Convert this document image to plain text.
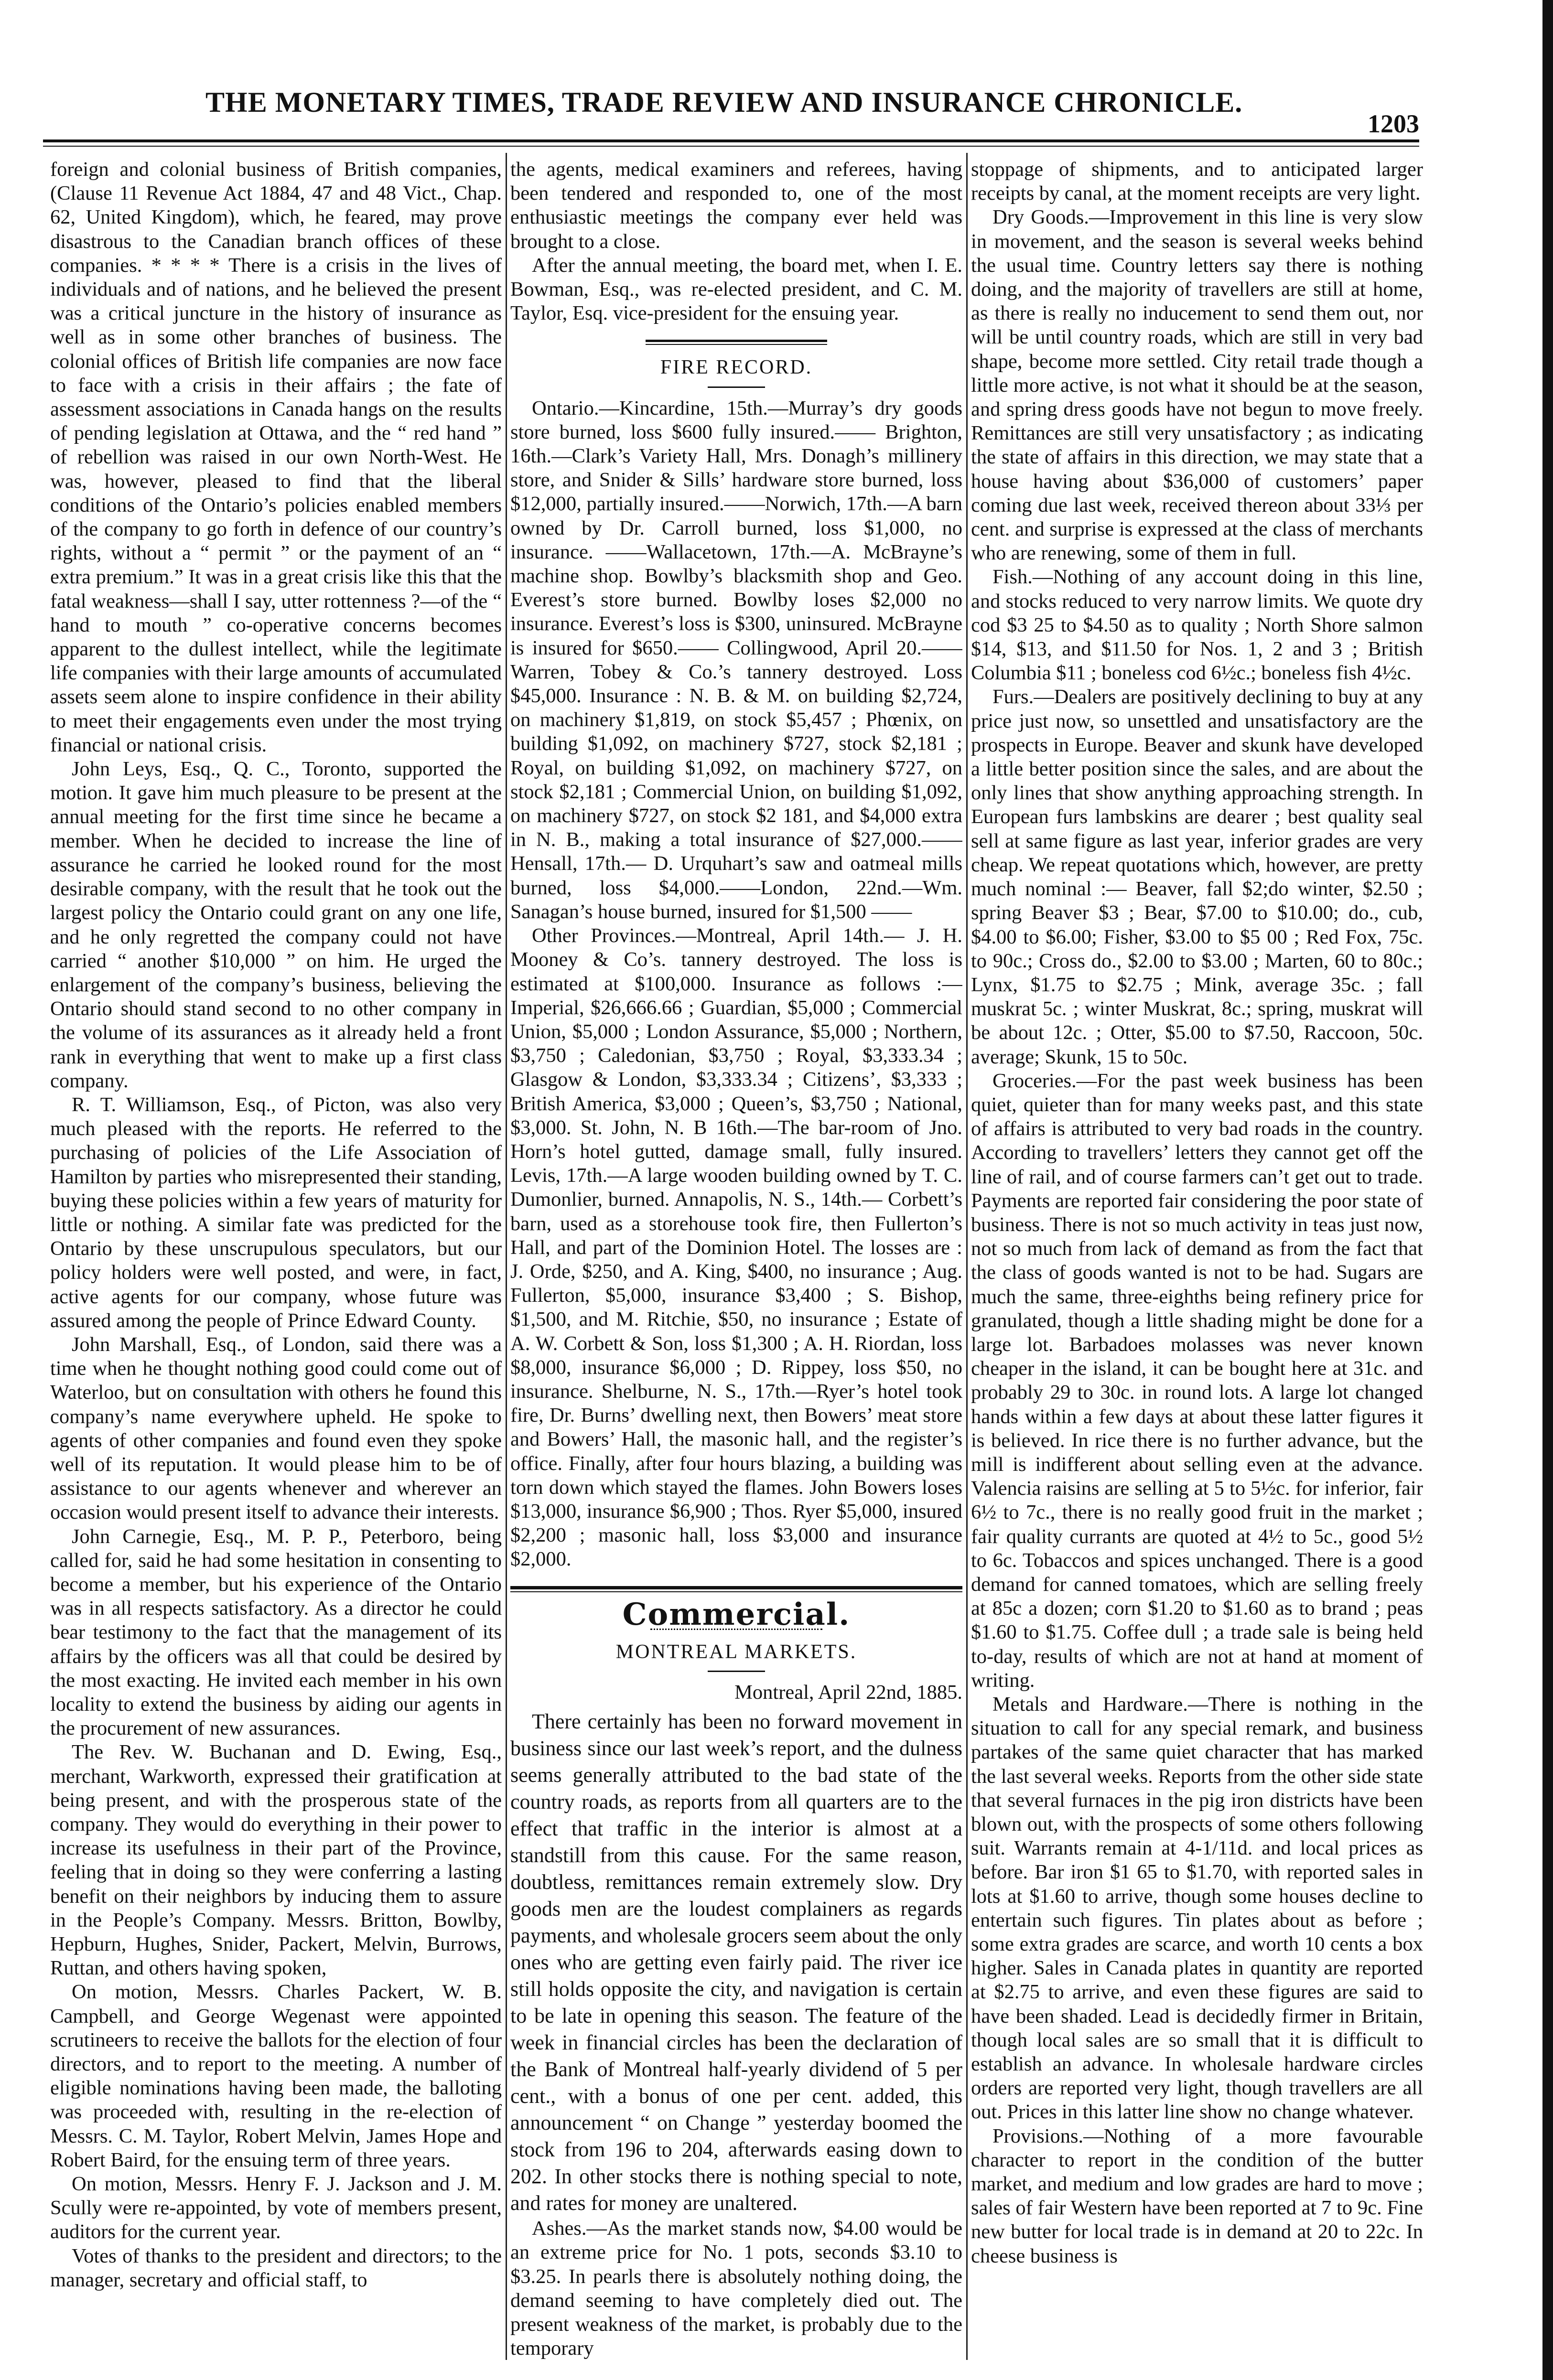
THE MONETARY TIMES, TRADE REVIEW AND INSURANCE CHRONICLE.
1203

foreign and colonial business of British companies, (Clause 11 Revenue Act 1884, 47 and 48 Vict., Chap. 62, United Kingdom), which, he feared, may prove disastrous to the Canadian branch offices of these companies. * * * * There is a crisis in the lives of individuals and of nations, and he believed the present was a critical juncture in the history of insurance as well as in some other branches of business. The colonial offices of British life companies are now face to face with a crisis in their affairs ; the fate of assessment associations in Canada hangs on the results of pending legislation at Ottawa, and the “ red hand ” of rebellion was raised in our own North-West. He was, however, pleased to find that the liberal conditions of the Ontario’s policies enabled members of the company to go forth in defence of our country’s rights, without a “ permit ” or the payment of an “ extra premium.” It was in a great crisis like this that the fatal weakness—shall I say, utter rottenness ?—of the “ hand to mouth ” co-operative concerns becomes apparent to the dullest intellect, while the legitimate life companies with their large amounts of accumulated assets seem alone to inspire confidence in their ability to meet their engagements even under the most trying financial or national crisis.

John Leys, Esq., Q. C., Toronto, supported the motion. It gave him much pleasure to be present at the annual meeting for the first time since he became a member. When he decided to increase the line of assurance he carried he looked round for the most desirable company, with the result that he took out the largest policy the Ontario could grant on any one life, and he only regretted the company could not have carried “ another $10,000 ” on him. He urged the enlargement of the company’s business, believing the Ontario should stand second to no other company in the volume of its assurances as it already held a front rank in everything that went to make up a first class company.

R. T. Williamson, Esq., of Picton, was also very much pleased with the reports. He referred to the purchasing of policies of the Life Association of Hamilton by parties who misrepresented their standing, buying these policies within a few years of maturity for little or nothing. A similar fate was predicted for the Ontario by these unscrupulous speculators, but our policy holders were well posted, and were, in fact, active agents for our company, whose future was assured among the people of Prince Edward County.

John Marshall, Esq., of London, said there was a time when he thought nothing good could come out of Waterloo, but on consultation with others he found this company’s name everywhere upheld. He spoke to agents of other companies and found even they spoke well of its reputation. It would please him to be of assistance to our agents whenever and wherever an occasion would present itself to advance their interests.

John Carnegie, Esq., M. P. P., Peterboro, being called for, said he had some hesitation in consenting to become a member, but his experience of the Ontario was in all respects satisfactory. As a director he could bear testimony to the fact that the management of its affairs by the officers was all that could be desired by the most exacting. He invited each member in his own locality to extend the business by aiding our agents in the procurement of new assurances.

The Rev. W. Buchanan and D. Ewing, Esq., merchant, Warkworth, expressed their gratification at being present, and with the prosperous state of the company. They would do everything in their power to increase its usefulness in their part of the Province, feeling that in doing so they were conferring a lasting benefit on their neighbors by inducing them to assure in the People’s Company. Messrs. Britton, Bowlby, Hepburn, Hughes, Snider, Packert, Melvin, Burrows, Ruttan, and others having spoken,

On motion, Messrs. Charles Packert, W. B. Campbell, and George Wegenast were appointed scrutineers to receive the ballots for the election of four directors, and to report to the meeting. A number of eligible nominations having been made, the balloting was proceeded with, resulting in the re-election of Messrs. C. M. Taylor, Robert Melvin, James Hope and Robert Baird, for the ensuing term of three years.

On motion, Messrs. Henry F. J. Jackson and J. M. Scully were re-appointed, by vote of members present, auditors for the current year.

Votes of thanks to the president and directors; to the manager, secretary and official staff, to

the agents, medical examiners and referees, having been tendered and responded to, one of the most enthusiastic meetings the company ever held was brought to a close.

After the annual meeting, the board met, when I. E. Bowman, Esq., was re-elected president, and C. M. Taylor, Esq. vice-president for the ensuing year.

FIRE RECORD.

Ontario.—Kincardine, 15th.—Murray’s dry goods store burned, loss $600 fully insured.—— Brighton, 16th.—Clark’s Variety Hall, Mrs. Donagh’s millinery store, and Snider & Sills’ hardware store burned, loss $12,000, partially insured.——Norwich, 17th.—A barn owned by Dr. Carroll burned, loss $1,000, no insurance. ——Wallacetown, 17th.—A. McBrayne’s machine shop. Bowlby’s blacksmith shop and Geo. Everest’s store burned. Bowlby loses $2,000 no insurance. Everest’s loss is $300, uninsured. McBrayne is insured for $650.—— Collingwood, April 20.——Warren, Tobey & Co.’s tannery destroyed. Loss $45,000. Insurance : N. B. & M. on building $2,724, on machinery $1,819, on stock $5,457 ; Phœnix, on building $1,092, on machinery $727, stock $2,181 ; Royal, on building $1,092, on machinery $727, on stock $2,181 ; Commercial Union, on building $1,092, on machinery $727, on stock $2 181, and $4,000 extra in N. B., making a total insurance of $27,000.——Hensall, 17th.— D. Urquhart’s saw and oatmeal mills burned, loss $4,000.——London, 22nd.—Wm. Sanagan’s house burned, insured for $1,500 ——

Other Provinces.—Montreal, April 14th.— J. H. Mooney & Co’s. tannery destroyed. The loss is estimated at $100,000. Insurance as follows :—Imperial, $26,666.66 ; Guardian, $5,000 ; Commercial Union, $5,000 ; London Assurance, $5,000 ; Northern, $3,750 ; Caledonian, $3,750 ; Royal, $3,333.34 ; Glasgow & London, $3,333.34 ; Citizens’, $3,333 ; British America, $3,000 ; Queen’s, $3,750 ; National, $3,000. St. John, N. B 16th.—The bar-room of Jno. Horn’s hotel gutted, damage small, fully insured. Levis, 17th.—A large wooden building owned by T. C. Dumonlier, burned. Annapolis, N. S., 14th.— Corbett’s barn, used as a storehouse took fire, then Fullerton’s Hall, and part of the Dominion Hotel. The losses are : J. Orde, $250, and A. King, $400, no insurance ; Aug. Fullerton, $5,000, insurance $3,400 ; S. Bishop, $1,500, and M. Ritchie, $50, no insurance ; Estate of A. W. Corbett & Son, loss $1,300 ; A. H. Riordan, loss $8,000, insurance $6,000 ; D. Rippey, loss $50, no insurance. Shelburne, N. S., 17th.—Ryer’s hotel took fire, Dr. Burns’ dwelling next, then Bowers’ meat store and Bowers’ Hall, the masonic hall, and the register’s office. Finally, after four hours blazing, a building was torn down which stayed the flames. John Bowers loses $13,000, insurance $6,900 ; Thos. Ryer $5,000, insured $2,200 ; masonic hall, loss $3,000 and insurance $2,000.

Commercial.
MONTREAL MARKETS.
Montreal, April 22nd, 1885.

There certainly has been no forward movement in business since our last week’s report, and the dulness seems generally attributed to the bad state of the country roads, as reports from all quarters are to the effect that traffic in the interior is almost at a standstill from this cause. For the same reason, doubtless, remittances remain extremely slow. Dry goods men are the loudest complainers as regards payments, and wholesale grocers seem about the only ones who are getting even fairly paid. The river ice still holds opposite the city, and navigation is certain to be late in opening this season. The feature of the week in financial circles has been the declaration of the Bank of Montreal half-yearly dividend of 5 per cent., with a bonus of one per cent. added, this announcement “ on Change ” yesterday boomed the stock from 196 to 204, afterwards easing down to 202. In other stocks there is nothing special to note, and rates for money are unaltered.

Ashes.—As the market stands now, $4.00 would be an extreme price for No. 1 pots, seconds $3.10 to $3.25. In pearls there is absolutely nothing doing, the demand seeming to have completely died out. The present weakness of the market, is probably due to the temporary

stoppage of shipments, and to anticipated larger receipts by canal, at the moment receipts are very light.

Dry Goods.—Improvement in this line is very slow in movement, and the season is several weeks behind the usual time. Country letters say there is nothing doing, and the majority of travellers are still at home, as there is really no inducement to send them out, nor will be until country roads, which are still in very bad shape, become more settled. City retail trade though a little more active, is not what it should be at the season, and spring dress goods have not begun to move freely. Remittances are still very unsatisfactory ; as indicating the state of affairs in this direction, we may state that a house having about $36,000 of customers’ paper coming due last week, received thereon about 33⅓ per cent. and surprise is expressed at the class of merchants who are renewing, some of them in full.

Fish.—Nothing of any account doing in this line, and stocks reduced to very narrow limits. We quote dry cod $3 25 to $4.50 as to quality ; North Shore salmon $14, $13, and $11.50 for Nos. 1, 2 and 3 ; British Columbia $11 ; boneless cod 6½c.; boneless fish 4½c.

Furs.—Dealers are positively declining to buy at any price just now, so unsettled and unsatisfactory are the prospects in Europe. Beaver and skunk have developed a little better position since the sales, and are about the only lines that show anything approaching strength. In European furs lambskins are dearer ; best quality seal sell at same figure as last year, inferior grades are very cheap. We repeat quotations which, however, are pretty much nominal :— Beaver, fall $2;do winter, $2.50 ; spring Beaver $3 ; Bear, $7.00 to $10.00; do., cub, $4.00 to $6.00; Fisher, $3.00 to $5 00 ; Red Fox, 75c. to 90c.; Cross do., $2.00 to $3.00 ; Marten, 60 to 80c.; Lynx, $1.75 to $2.75 ; Mink, average 35c. ; fall muskrat 5c. ; winter Muskrat, 8c.; spring, muskrat will be about 12c. ; Otter, $5.00 to $7.50, Raccoon, 50c. average; Skunk, 15 to 50c.

Groceries.—For the past week business has been quiet, quieter than for many weeks past, and this state of affairs is attributed to very bad roads in the country. According to travellers’ letters they cannot get off the line of rail, and of course farmers can’t get out to trade. Payments are reported fair considering the poor state of business. There is not so much activity in teas just now, not so much from lack of demand as from the fact that the class of goods wanted is not to be had. Sugars are much the same, three-eighths being refinery price for granulated, though a little shading might be done for a large lot. Barbadoes molasses was never known cheaper in the island, it can be bought here at 31c. and probably 29 to 30c. in round lots. A large lot changed hands within a few days at about these latter figures it is believed. In rice there is no further advance, but the mill is indifferent about selling even at the advance. Valencia raisins are selling at 5 to 5½c. for inferior, fair 6½ to 7c., there is no really good fruit in the market ; fair quality currants are quoted at 4½ to 5c., good 5½ to 6c. Tobaccos and spices unchanged. There is a good demand for canned tomatoes, which are selling freely at 85c a dozen; corn $1.20 to $1.60 as to brand ; peas $1.60 to $1.75. Coffee dull ; a trade sale is being held to-day, results of which are not at hand at moment of writing.

Metals and Hardware.—There is nothing in the situation to call for any special remark, and business partakes of the same quiet character that has marked the last several weeks. Reports from the other side state that several furnaces in the pig iron districts have been blown out, with the prospects of some others following suit. Warrants remain at 4-1/11d. and local prices as before. Bar iron $1 65 to $1.70, with reported sales in lots at $1.60 to arrive, though some houses decline to entertain such figures. Tin plates about as before ; some extra grades are scarce, and worth 10 cents a box higher. Sales in Canada plates in quantity are reported at $2.75 to arrive, and even these figures are said to have been shaded. Lead is decidedly firmer in Britain, though local sales are so small that it is difficult to establish an advance. In wholesale hardware circles orders are reported very light, though travellers are all out. Prices in this latter line show no change whatever.

Provisions.—Nothing of a more favourable character to report in the condition of the butter market, and medium and low grades are hard to move ; sales of fair Western have been reported at 7 to 9c. Fine new butter for local trade is in demand at 20 to 22c. In cheese business is
